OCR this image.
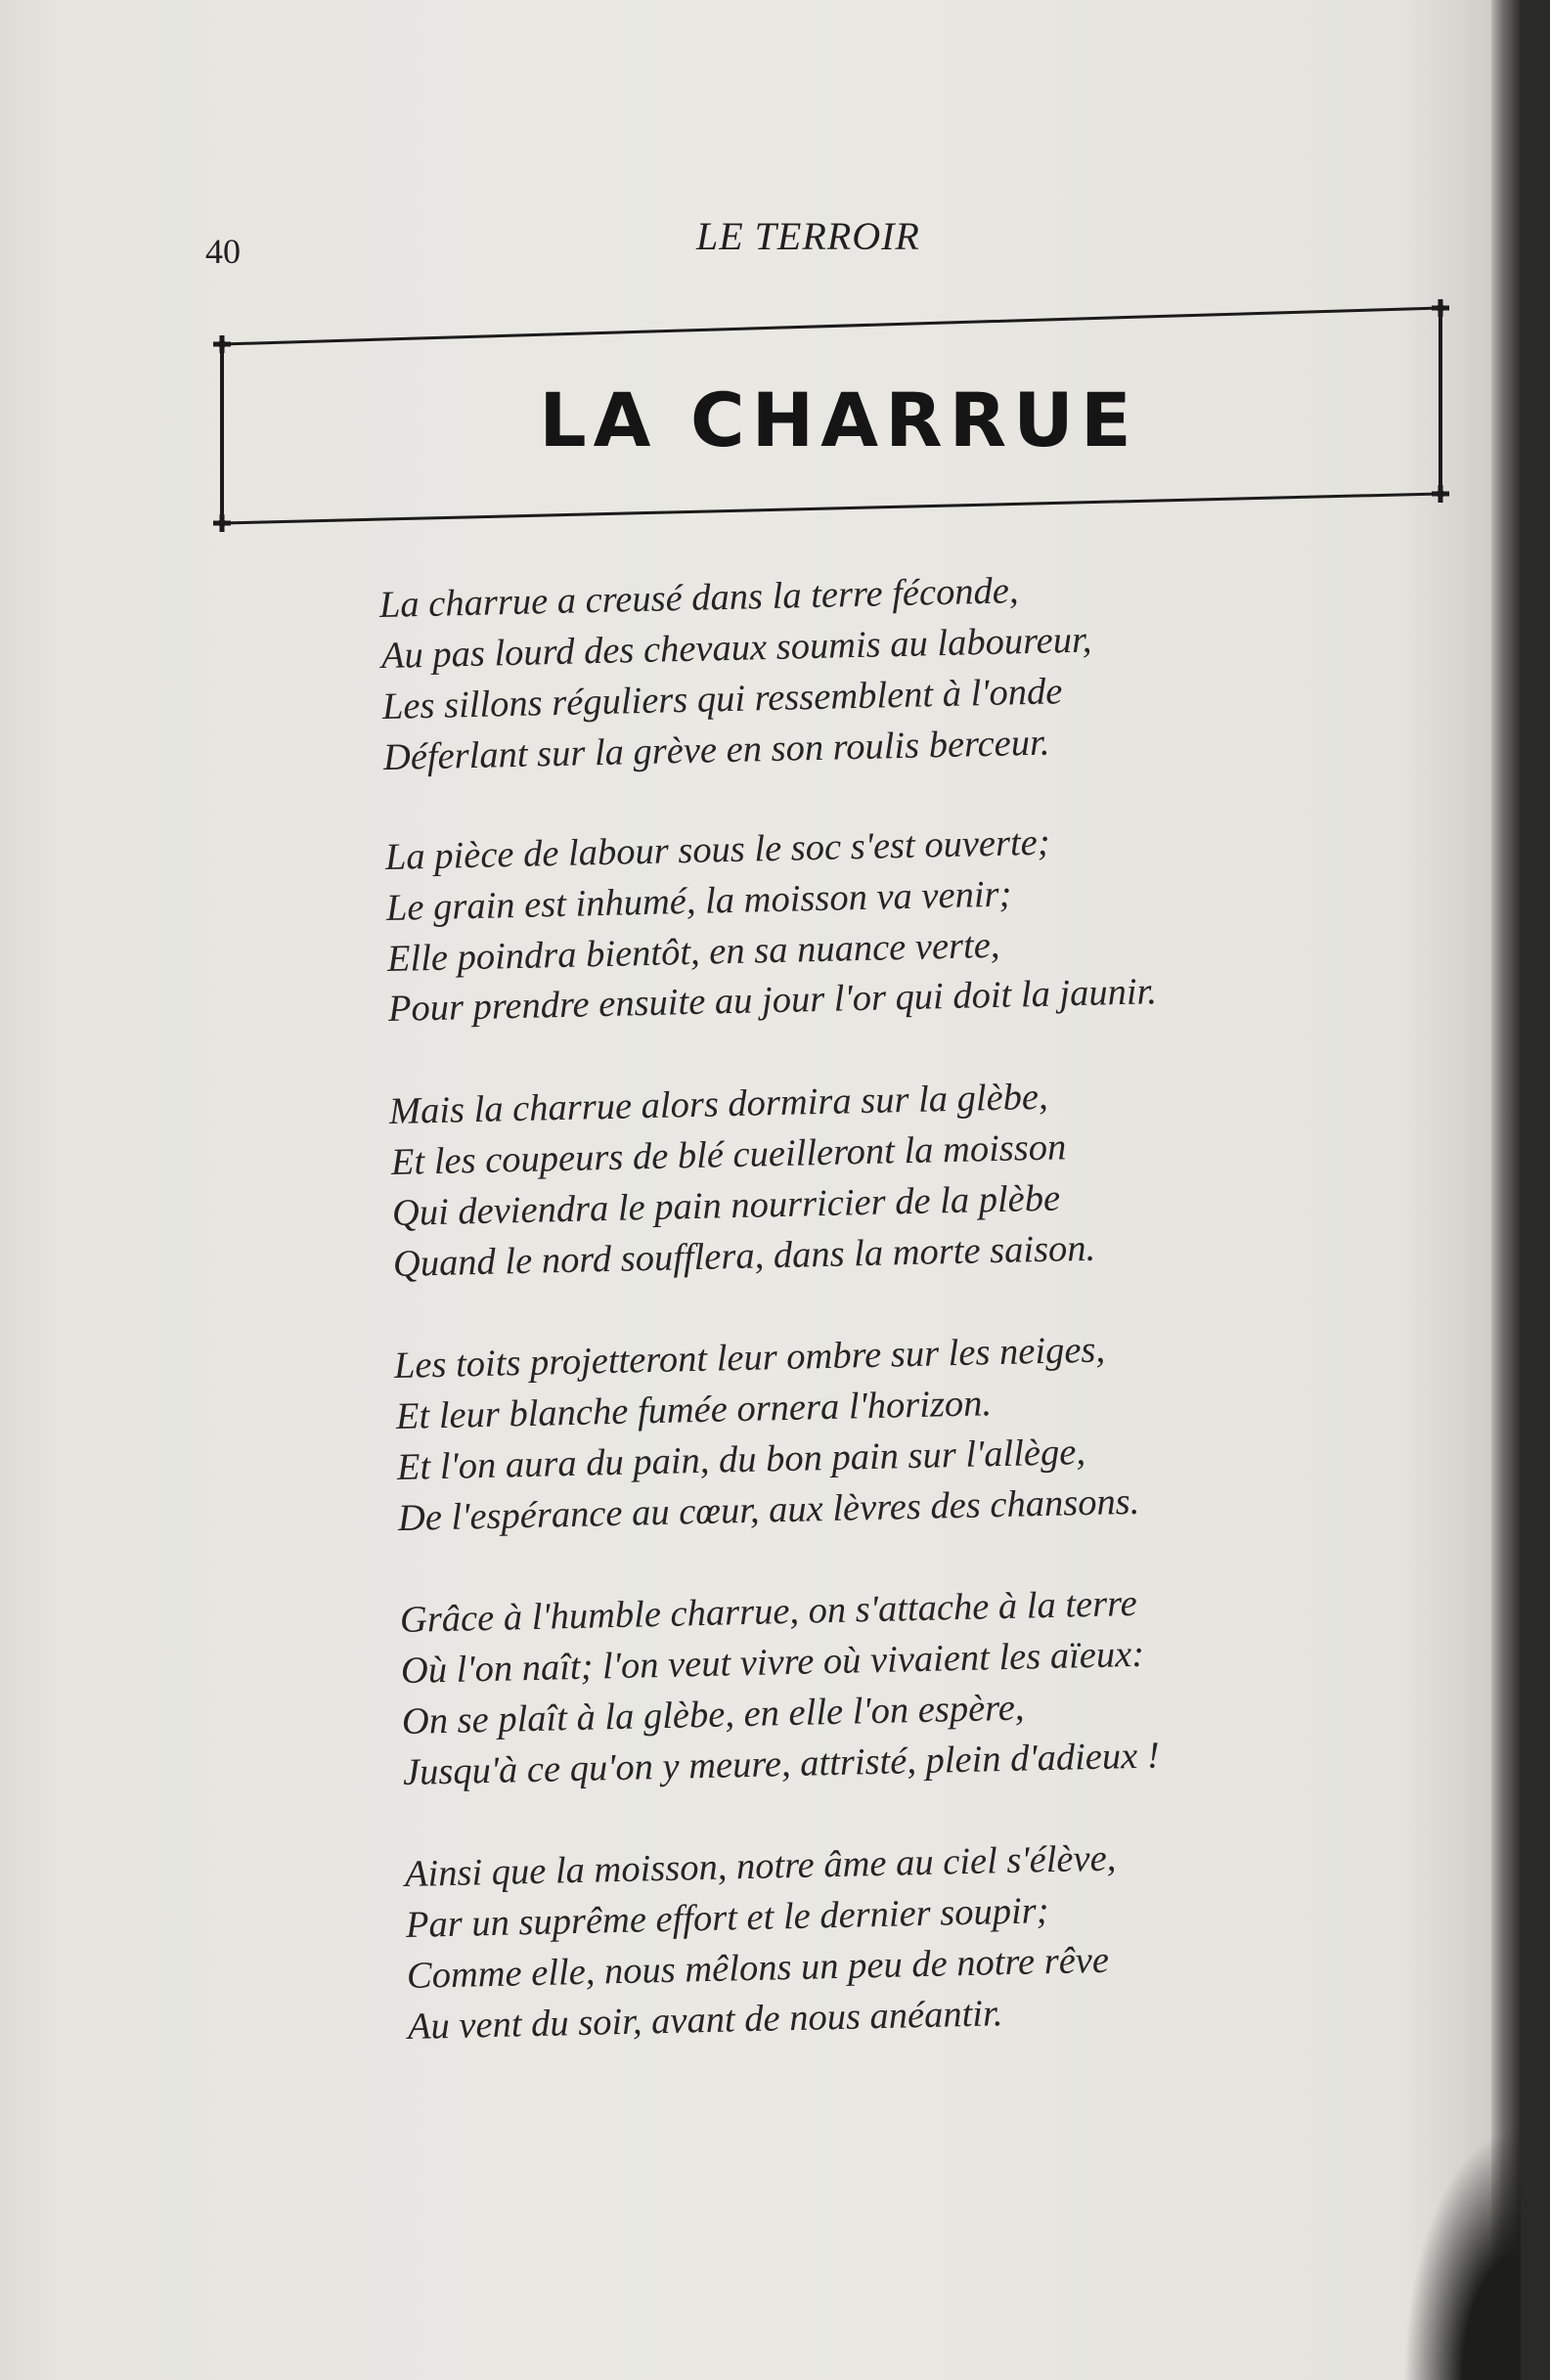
40	LE TERROIR
LA CHARRUE
La charrue a creusé dans la terre féconde,
Au pas lourd des chevaux soumis au laboureur,
Les sillons réguliers qui ressemblent à l'onde
Déferlant sur la grève en son roulis berceur.
La pièce de labour sous le soc s'est ouverte;
Le grain est inhumé, la moisson va venir;
Elle poindra bientôt, en sa nuance verte,
Pour prendre ensuite au jour l'or qui doit la jaunir.
Mais la charrue alors dormira sur la glèbe,
Et les coupeurs de blé cueilleront la moisson
Qui deviendra le pain nourricier de la plèbe
Quand le nord soufflera, dans la morte saison.
Les toits projetteront leur ombre sur les neiges,
Et leur blanche fumée ornera l'horizon.
Et l'on aura du pain, du bon pain sur l'allège,
De l'espérance au cœur, aux lèvres des chansons.
Grâce à l'humble charrue, on s'attache à la terre
Où l'on naît; l'on veut vivre où vivaient les aïeux:
On se plaît à la glèbe, en elle l'on espère,
Jusqu'à ce qu'on y meure, attristé, plein d'adieux !
Ainsi que la moisson, notre âme au ciel s'élève,
Par un suprême effort et le dernier soupir;
Comme elle, nous mêlons un peu de notre rêve
Au vent du soir, avant de nous anéantir.
